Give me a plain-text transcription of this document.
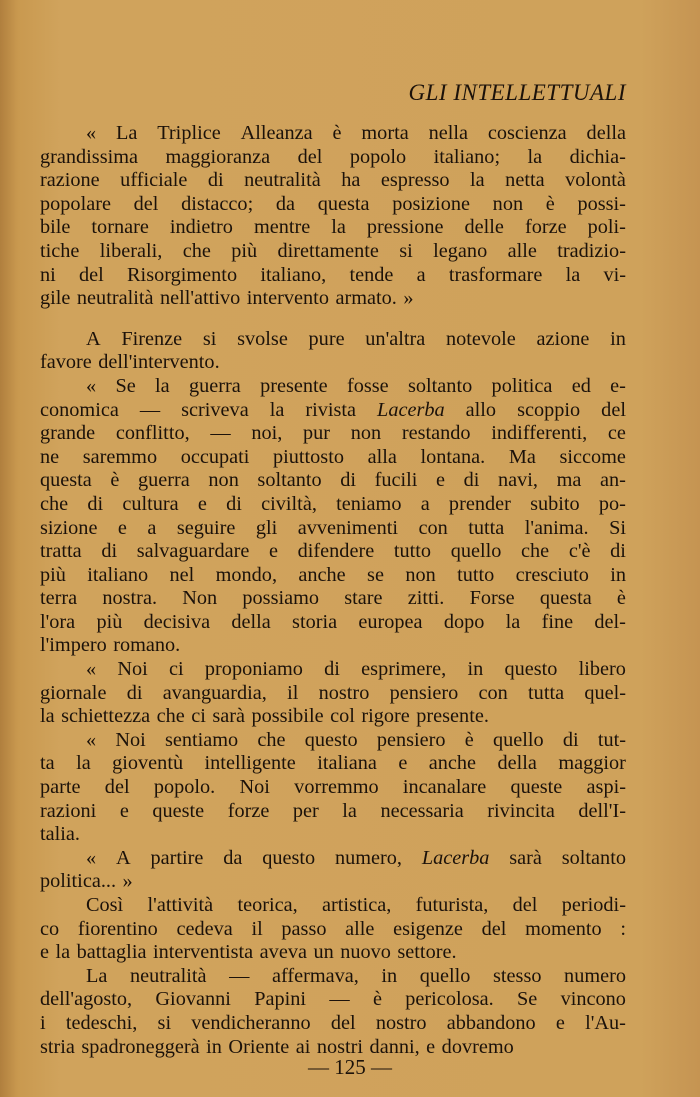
GLI INTELLETTUALI
« La Triplice Alleanza è morta nella coscienza della
grandissima maggioranza del popolo italiano; la dichia-
razione ufficiale di neutralità ha espresso la netta volontà
popolare del distacco; da questa posizione non è possi-
bile tornare indietro mentre la pressione delle forze poli-
tiche liberali, che più direttamente si legano alle tradizio-
ni del Risorgimento italiano, tende a trasformare la vi-
gile neutralità nell'attivo intervento armato. »
A Firenze si svolse pure un'altra notevole azione in
favore dell'intervento.
« Se la guerra presente fosse soltanto politica ed e-
conomica — scriveva la rivista Lacerba allo scoppio del
grande conflitto, — noi, pur non restando indifferenti, ce
ne saremmo occupati piuttosto alla lontana. Ma siccome
questa è guerra non soltanto di fucili e di navi, ma an-
che di cultura e di civiltà, teniamo a prender subito po-
sizione e a seguire gli avvenimenti con tutta l'anima. Si
tratta di salvaguardare e difendere tutto quello che c'è di
più italiano nel mondo, anche se non tutto cresciuto in
terra nostra. Non possiamo stare zitti. Forse questa è
l'ora più decisiva della storia europea dopo la fine del-
l'impero romano.
« Noi ci proponiamo di esprimere, in questo libero
giornale di avanguardia, il nostro pensiero con tutta quel-
la schiettezza che ci sarà possibile col rigore presente.
« Noi sentiamo che questo pensiero è quello di tut-
ta la gioventù intelligente italiana e anche della maggior
parte del popolo. Noi vorremmo incanalare queste aspi-
razioni e queste forze per la necessaria rivincita dell'I-
talia.
« A partire da questo numero, Lacerba sarà soltanto
politica... »
Così l'attività teorica, artistica, futurista, del periodi-
co fiorentino cedeva il passo alle esigenze del momento :
e la battaglia interventista aveva un nuovo settore.
La neutralità — affermava, in quello stesso numero
dell'agosto, Giovanni Papini — è pericolosa. Se vincono
i tedeschi, si vendicheranno del nostro abbandono e l'Au-
stria spadroneggerà in Oriente ai nostri danni, e dovremo
— 125 —
